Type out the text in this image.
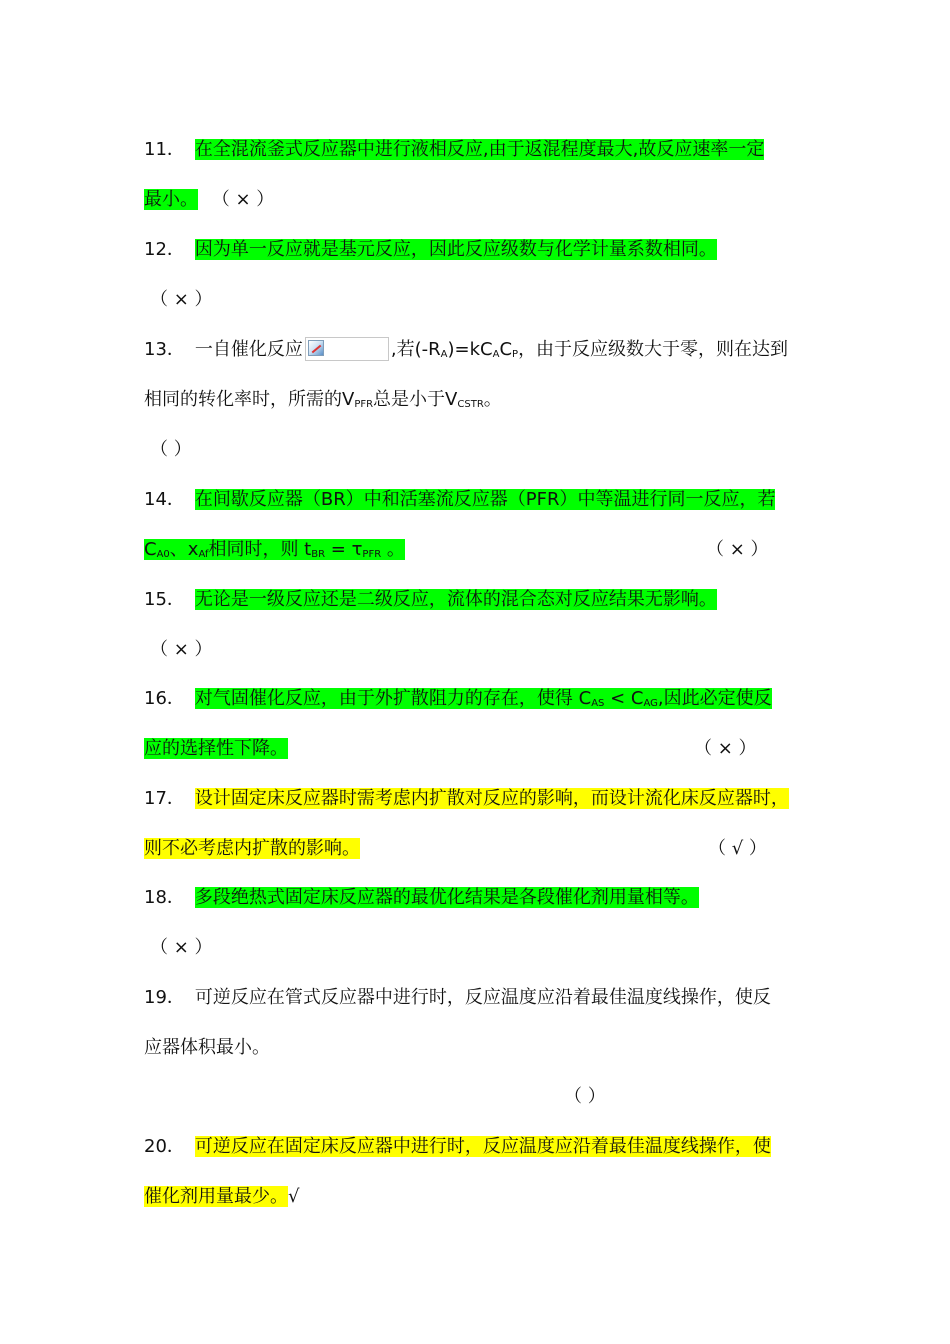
11． 在全混流釜式反应器中进行液相反应,由于返混程度最大,故反应速率一定
最小。 （ × ）
12． 因为单一反应就是基元反应，因此反应级数与化学计量系数相同。
（ × ）
13． 一自催化反应	,若$(-R_A)=kC_AC_P$，由于反应级数大于零，则在达到
相同的转化率时，所需的$V_{PFR}$总是小于$V_{CSTR}$。
（ ）
14． 在间歇反应器（BR）中和活塞流反应器（PFR）中等温进行同一反应，若
$C_{A0}$、$x_{Af}$相同时，则 $t_{BR} = \tau_{PFR}$ 。	（ × ）
15． 无论是一级反应还是二级反应，流体的混合态对反应结果无影响。
（ × ）
16． 对气固催化反应，由于外扩散阻力的存在，使得 $C_{AS} < C_{AG}$,因此必定使反
应的选择性下降。	（ × ）
17． 设计固定床反应器时需考虑内扩散对反应的影响，而设计流化床反应器时，
则不必考虑内扩散的影响。	（ √ ）
18． 多段绝热式固定床反应器的最优化结果是各段催化剂用量相等。
（ × ）
19． 可逆反应在管式反应器中进行时，反应温度应沿着最佳温度线操作，使反
应器体积最小。
（ ）
20． 可逆反应在固定床反应器中进行时，反应温度应沿着最佳温度线操作，使
催化剂用量最少。√
